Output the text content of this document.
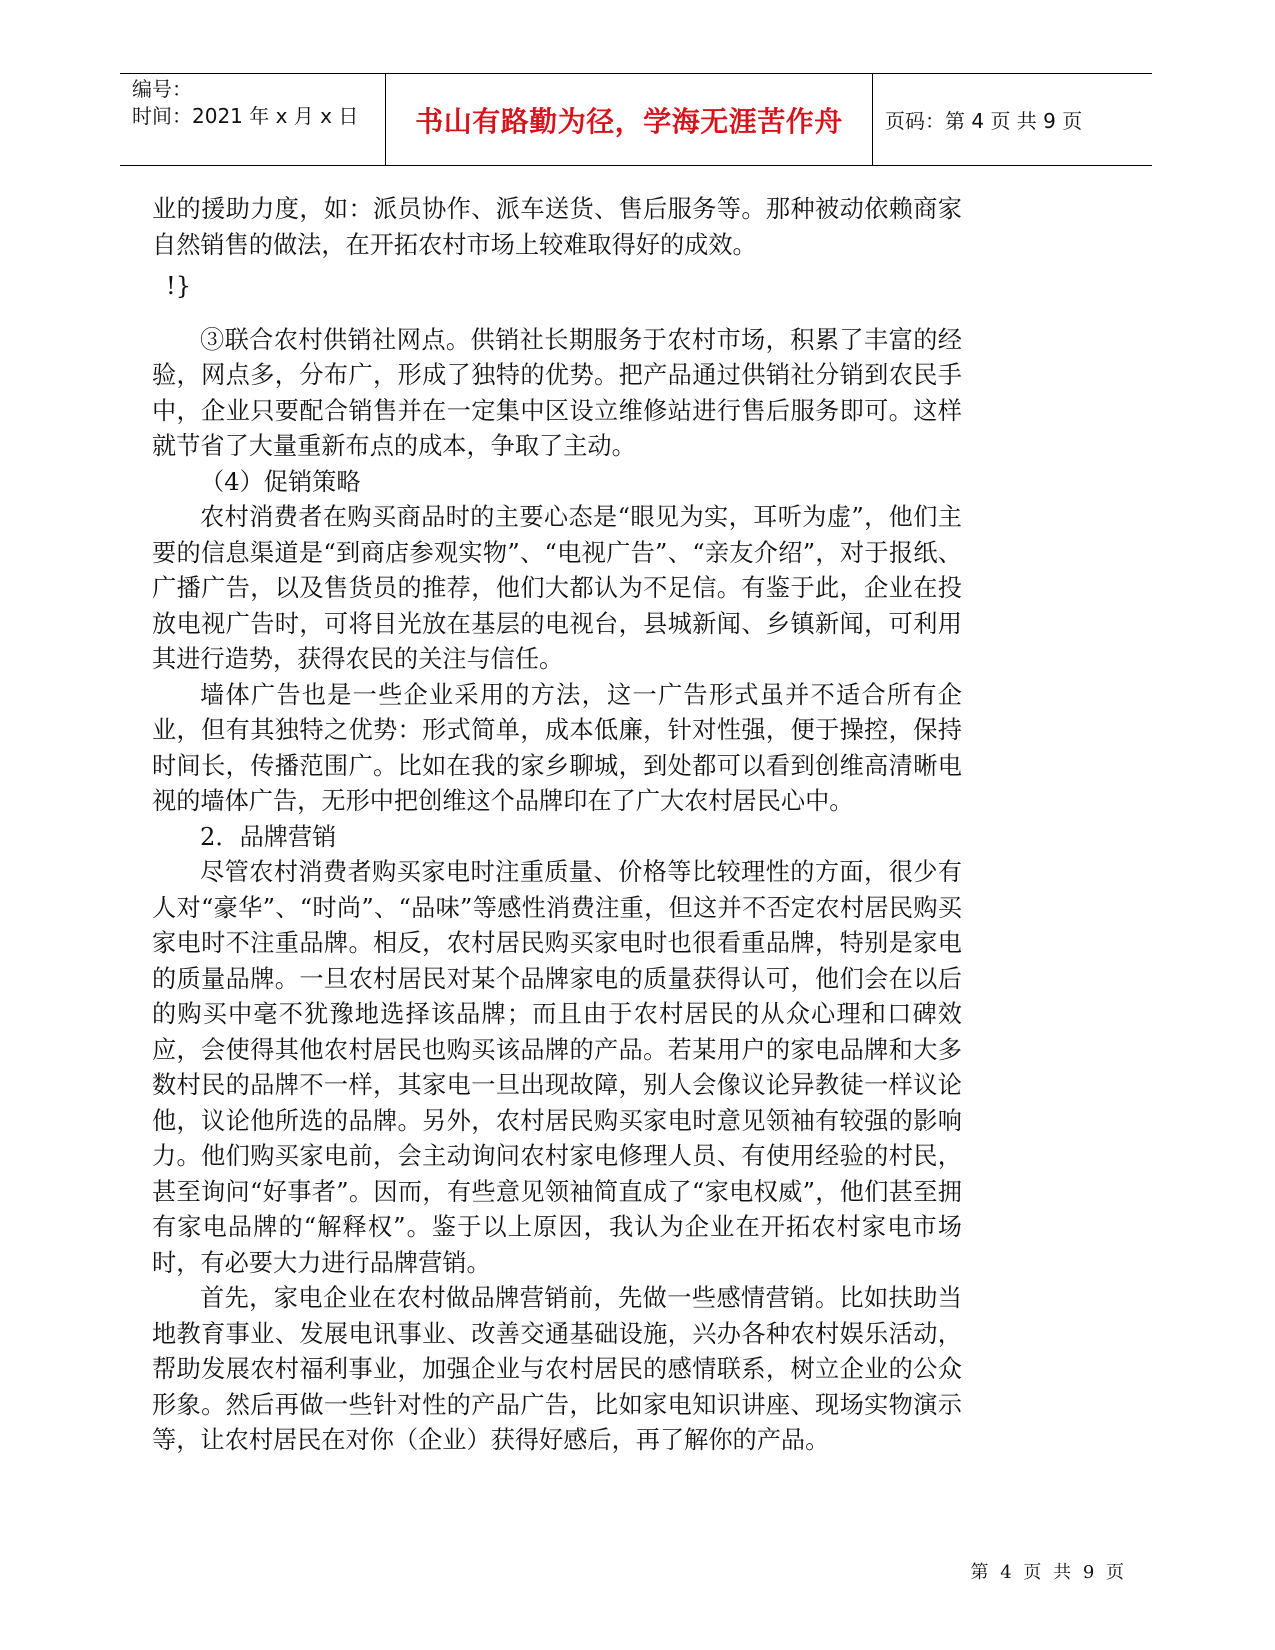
编号：
时间：2021 年 x 月 x 日	书山有路勤为径，学海无涯苦作舟	页码：第 4 页 共 9 页

业的援助力度，如：派员协作、派车送货、售后服务等。那种被动依赖商家自然销售的做法，在开拓农村市场上较难取得好的成效。

!}

③联合农村供销社网点。供销社长期服务于农村市场，积累了丰富的经验，网点多，分布广，形成了独特的优势。把产品通过供销社分销到农民手中，企业只要配合销售并在一定集中区设立维修站进行售后服务即可。这样就节省了大量重新布点的成本，争取了主动。

（4）促销策略

农村消费者在购买商品时的主要心态是“眼见为实，耳听为虚”，他们主要的信息渠道是“到商店参观实物”、“电视广告”、“亲友介绍”，对于报纸、广播广告，以及售货员的推荐，他们大都认为不足信。有鉴于此，企业在投放电视广告时，可将目光放在基层的电视台，县城新闻、乡镇新闻，可利用其进行造势，获得农民的关注与信任。

墙体广告也是一些企业采用的方法，这一广告形式虽并不适合所有企业，但有其独特之优势：形式简单，成本低廉，针对性强，便于操控，保持时间长，传播范围广。比如在我的家乡聊城，到处都可以看到创维高清晰电视的墙体广告，无形中把创维这个品牌印在了广大农村居民心中。

2．品牌营销

尽管农村消费者购买家电时注重质量、价格等比较理性的方面，很少有人对“豪华”、“时尚”、“品味”等感性消费注重，但这并不否定农村居民购买家电时不注重品牌。相反，农村居民购买家电时也很看重品牌，特别是家电的质量品牌。一旦农村居民对某个品牌家电的质量获得认可，他们会在以后的购买中毫不犹豫地选择该品牌；而且由于农村居民的从众心理和口碑效应，会使得其他农村居民也购买该品牌的产品。若某用户的家电品牌和大多数村民的品牌不一样，其家电一旦出现故障，别人会像议论异教徒一样议论他，议论他所选的品牌。另外，农村居民购买家电时意见领袖有较强的影响力。他们购买家电前，会主动询问农村家电修理人员、有使用经验的村民，甚至询问“好事者”。因而，有些意见领袖简直成了“家电权威”，他们甚至拥有家电品牌的“解释权”。鉴于以上原因，我认为企业在开拓农村家电市场时，有必要大力进行品牌营销。

首先，家电企业在农村做品牌营销前，先做一些感情营销。比如扶助当地教育事业、发展电讯事业、改善交通基础设施，兴办各种农村娱乐活动，帮助发展农村福利事业，加强企业与农村居民的感情联系，树立企业的公众形象。然后再做一些针对性的产品广告，比如家电知识讲座、现场实物演示等，让农村居民在对你（企业）获得好感后，再了解你的产品。

第 4 页 共 9 页
